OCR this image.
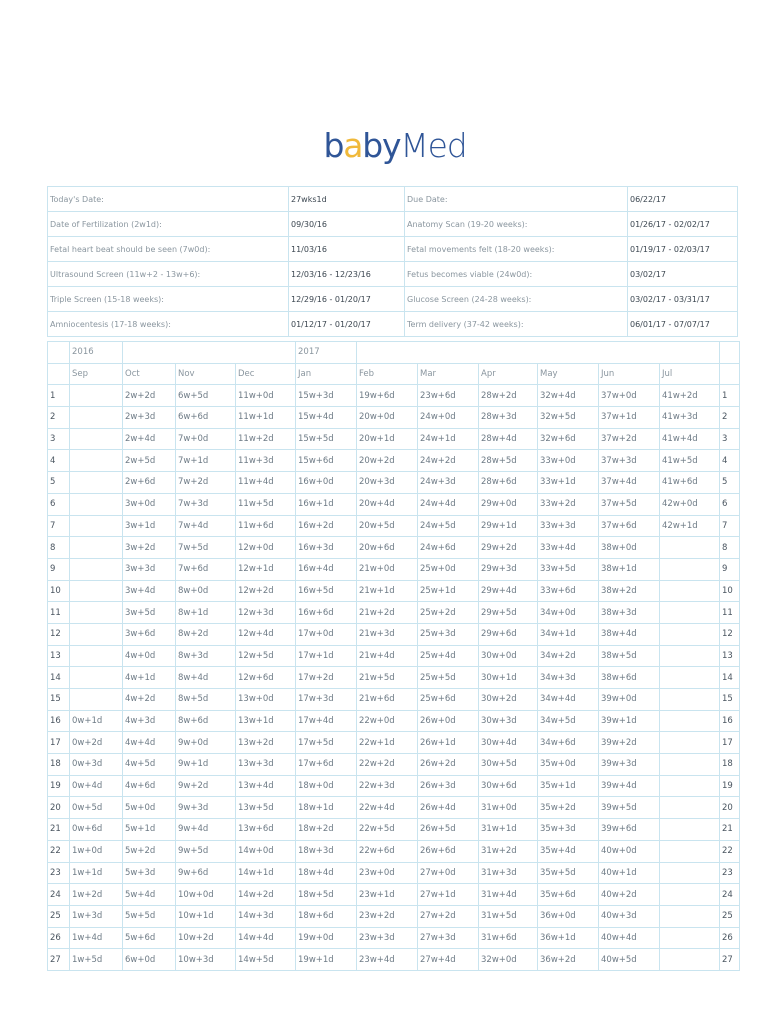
babyMed
Today's Date:	27wks1d	Due Date:	06/22/17
Date of Fertilization (2w1d):	09/30/16	Anatomy Scan (19-20 weeks):	01/26/17 - 02/02/17
Fetal heart beat should be seen (7w0d):	11/03/16	Fetal movements felt (18-20 weeks):	01/19/17 - 02/03/17
Ultrasound Screen (11w+2 - 13w+6):	12/03/16 - 12/23/16	Fetus becomes viable (24w0d):	03/02/17
Triple Screen (15-18 weeks):	12/29/16 - 01/20/17	Glucose Screen (24-28 weeks):	03/02/17 - 03/31/17
Amniocentesis (17-18 weeks):	01/12/17 - 01/20/17	Term delivery (37-42 weeks):	06/01/17 - 07/07/17
	2016				2017							
	Sep	Oct	Nov	Dec	Jan	Feb	Mar	Apr	May	Jun	Jul	
1		2w+2d	6w+5d	11w+0d	15w+3d	19w+6d	23w+6d	28w+2d	32w+4d	37w+0d	41w+2d	1
2		2w+3d	6w+6d	11w+1d	15w+4d	20w+0d	24w+0d	28w+3d	32w+5d	37w+1d	41w+3d	2
3		2w+4d	7w+0d	11w+2d	15w+5d	20w+1d	24w+1d	28w+4d	32w+6d	37w+2d	41w+4d	3
4		2w+5d	7w+1d	11w+3d	15w+6d	20w+2d	24w+2d	28w+5d	33w+0d	37w+3d	41w+5d	4
5		2w+6d	7w+2d	11w+4d	16w+0d	20w+3d	24w+3d	28w+6d	33w+1d	37w+4d	41w+6d	5
6		3w+0d	7w+3d	11w+5d	16w+1d	20w+4d	24w+4d	29w+0d	33w+2d	37w+5d	42w+0d	6
7		3w+1d	7w+4d	11w+6d	16w+2d	20w+5d	24w+5d	29w+1d	33w+3d	37w+6d	42w+1d	7
8		3w+2d	7w+5d	12w+0d	16w+3d	20w+6d	24w+6d	29w+2d	33w+4d	38w+0d		8
9		3w+3d	7w+6d	12w+1d	16w+4d	21w+0d	25w+0d	29w+3d	33w+5d	38w+1d		9
10		3w+4d	8w+0d	12w+2d	16w+5d	21w+1d	25w+1d	29w+4d	33w+6d	38w+2d		10
11		3w+5d	8w+1d	12w+3d	16w+6d	21w+2d	25w+2d	29w+5d	34w+0d	38w+3d		11
12		3w+6d	8w+2d	12w+4d	17w+0d	21w+3d	25w+3d	29w+6d	34w+1d	38w+4d		12
13		4w+0d	8w+3d	12w+5d	17w+1d	21w+4d	25w+4d	30w+0d	34w+2d	38w+5d		13
14		4w+1d	8w+4d	12w+6d	17w+2d	21w+5d	25w+5d	30w+1d	34w+3d	38w+6d		14
15		4w+2d	8w+5d	13w+0d	17w+3d	21w+6d	25w+6d	30w+2d	34w+4d	39w+0d		15
16	0w+1d	4w+3d	8w+6d	13w+1d	17w+4d	22w+0d	26w+0d	30w+3d	34w+5d	39w+1d		16
17	0w+2d	4w+4d	9w+0d	13w+2d	17w+5d	22w+1d	26w+1d	30w+4d	34w+6d	39w+2d		17
18	0w+3d	4w+5d	9w+1d	13w+3d	17w+6d	22w+2d	26w+2d	30w+5d	35w+0d	39w+3d		18
19	0w+4d	4w+6d	9w+2d	13w+4d	18w+0d	22w+3d	26w+3d	30w+6d	35w+1d	39w+4d		19
20	0w+5d	5w+0d	9w+3d	13w+5d	18w+1d	22w+4d	26w+4d	31w+0d	35w+2d	39w+5d		20
21	0w+6d	5w+1d	9w+4d	13w+6d	18w+2d	22w+5d	26w+5d	31w+1d	35w+3d	39w+6d		21
22	1w+0d	5w+2d	9w+5d	14w+0d	18w+3d	22w+6d	26w+6d	31w+2d	35w+4d	40w+0d		22
23	1w+1d	5w+3d	9w+6d	14w+1d	18w+4d	23w+0d	27w+0d	31w+3d	35w+5d	40w+1d		23
24	1w+2d	5w+4d	10w+0d	14w+2d	18w+5d	23w+1d	27w+1d	31w+4d	35w+6d	40w+2d		24
25	1w+3d	5w+5d	10w+1d	14w+3d	18w+6d	23w+2d	27w+2d	31w+5d	36w+0d	40w+3d		25
26	1w+4d	5w+6d	10w+2d	14w+4d	19w+0d	23w+3d	27w+3d	31w+6d	36w+1d	40w+4d		26
27	1w+5d	6w+0d	10w+3d	14w+5d	19w+1d	23w+4d	27w+4d	32w+0d	36w+2d	40w+5d		27
